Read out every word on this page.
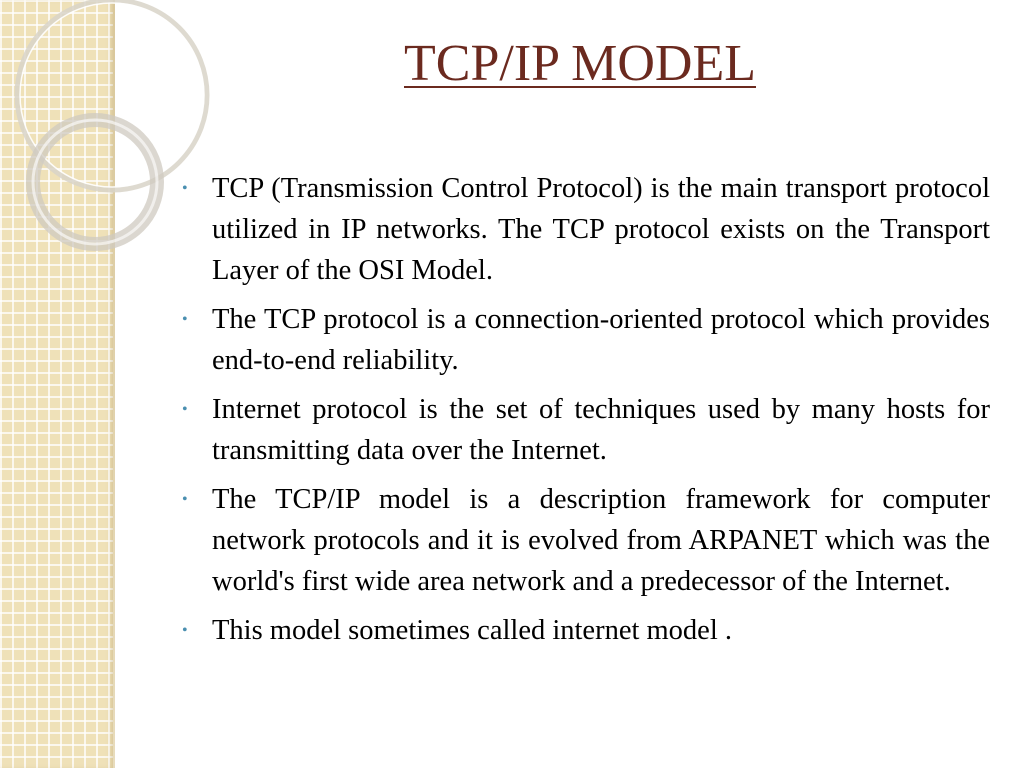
TCP/IP MODEL
• TCP (Transmission Control Protocol) is the main transport protocol utilized in IP networks. The TCP protocol exists on the Transport Layer of the OSI Model.
• The TCP protocol is a connection-oriented protocol which provides end-to-end reliability.
• Internet protocol is the set of techniques used by many hosts for transmitting data over the Internet.
• The TCP/IP model is a description framework for computer network protocols and it is evolved from ARPANET which was the world's first wide area network and a predecessor of the Internet.
• This model sometimes called internet model .
